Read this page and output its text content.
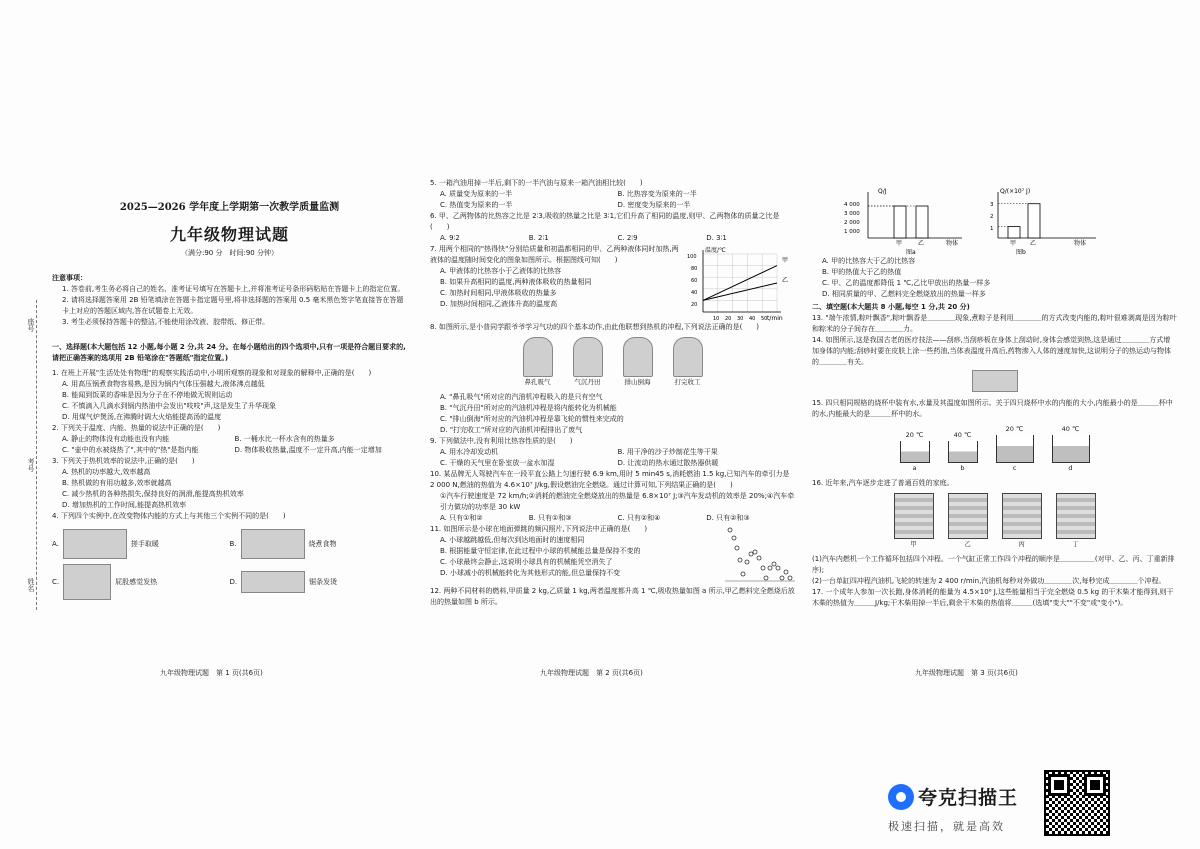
座号
考号
姓名
2025—2026 学年度上学期第一次教学质量监测
九年级物理试题
（满分:90 分　时间:90 分钟）

注意事项：

1. 答卷前,考生务必将自己的姓名、准考证号填写在答题卡上,并将准考证号条形码粘贴在答题卡上的指定位置。

2. 请将选择题答案用 2B 铅笔填涂在答题卡指定题号里,将非选择题的答案用 0.5 毫米黑色签字笔直接答在答题卡上对应的答题区域内,答在试题卷上无效。

3. 考生必须保持答题卡的整洁,不能使用涂改液、胶带纸、修正带。

一、选择题(本大题包括 12 小题,每小题 2 分,共 24 分。在每小题给出的四个选项中,只有一项是符合题目要求的,请把正确答案的选项用 2B 铅笔涂在"答题纸"指定位置。)

1. 在班上开展"生活处处有物理"的观察实践活动中,小明所观察的现象和对现象的解释中,正确的是(　　)

A. 用高压锅煮食物容易熟,是因为锅内气体压强越大,液体沸点越低

B. 能闻到饭菜的香味是因为分子在不停地做无规则运动

C. 不慎滴入几滴水到锅内热油中会发出"吱吱"声,这是发生了升华现象

D. 用煤气炉煲汤,在沸腾时调大火焰能提高汤的温度

2. 下列关于温度、内能、热量的说法中正确的是(　　)

A. 静止的物体没有动能也没有内能	B. 一桶水比一杯水含有的热量多
C. "壶中的水被烧热了",其中的"热"是指内能	D. 物体吸收热量,温度不一定升高,内能一定增加

3. 下列关于热机效率的说法中,正确的是(　　)

A. 热机的功率越大,效率越高

B. 热机做的有用功越多,效率就越高

C. 减少热机的各种热损失,保持良好的润滑,能提高热机效率

D. 增加热机的工作时间,能提高热机效率

4. 下列四个实例中,在改变物体内能的方式上与其他三个实例不同的是(　　)

A.	搓手取暖	B.	烧煮食物
C.	屁股感觉发热	D.	锯条发烫

5. 一箱汽油用掉一半后,剩下的一半汽油与原来一箱汽油相比较(　　)

A. 质量变为原来的一半	B. 比热容变为原来的一半
C. 热值变为原来的一半	D. 密度变为原来的一半

6. 甲、乙两物体的比热容之比是 2∶3,吸收的热量之比是 3∶1,它们升高了相同的温度,则甲、乙两物体的质量之比是(　　)

A. 9∶2	B. 2∶1	C. 2∶9	D. 3∶1

7. 用两个相同的"热得快"分别给质量和初温都相同的甲、乙两种液体同时加热,两液体的温度随时间变化的图象如图所示。根据图线可知(　　)

A. 甲液体的比热容小于乙液体的比热容

B. 如果升高相同的温度,两种液体吸收的热量相同

C. 加热时间相同,甲液体吸收的热量多

D. 加热时间相同,乙液体升高的温度高

温度/℃
t/min
甲
乙
100
80
60
40
20
10 20 30 40 50

8. 如图所示,是小普同学跟爷爷学习气功的四个基本动作,由此他联想到热机的冲程,下列说法正确的是(　　)

鼻孔吸气	气沉丹田	排山倒海	打完收工

A. "鼻孔吸气"所对应的汽油机冲程吸入的是只有空气

B. "气沉丹田"所对应的汽油机冲程是将内能转化为机械能

C. "排山倒海"所对应的汽油机冲程是靠飞轮的惯性来完成的

D. "打完收工"所对应的汽油机冲程排出了废气

9. 下列做法中,没有利用比热容性质的是(　　)

A. 用水冷却发动机	B. 用干净的沙子炒制花生等干果
C. 干燥的天气里在卧室放一盆水加湿	D. 让流动的热水通过散热器供暖

10. 某品牌无人驾驶汽车在一段平直公路上匀速行驶 6.9 km,用时 5 min45 s,消耗燃油 1.5 kg,已知汽车的牵引力是 2 000 N,燃油的热值为 4.6×10⁷ J/kg,假设燃油完全燃烧。通过计算可知,下列结果正确的是(　　)

①汽车行驶速度是 72 km/h;②消耗的燃油完全燃烧放出的热量是 6.8×10⁷ J;③汽车发动机的效率是 20%;④汽车牵引力做功的功率是 30 kW

A. 只有①和②	B. 只有①和③	C. 只有②和④	D. 只有②和③

11. 如图所示是小球在地面弹跳的频闪照片,下列说法中正确的是(　　)

A. 小球越跳越低,但每次到达地面时的速度相同

B. 根据能量守恒定律,在此过程中小球的机械能总量是保持不变的

C. 小球最终会静止,这说明小球具有的机械能凭空消失了

D. 小球减小的机械能转化为其他形式的能,但总量保持不变

12. 两种不同材料的燃料,甲质量 2 kg,乙质量 1 kg,两者温度都升高 1 ℃,吸收热量如图 a 所示,甲乙燃料完全燃烧后放出的热量如图 b 所示。

Q/J
4 000
3 000
2 000
1 000
甲	乙	物体
图a
Q/(×10⁷ J)
3
2
1
甲 乙	物体
图b

A. 甲的比热容大于乙的比热容

B. 甲的热值大于乙的热值

C. 甲、乙的温度都降低 1 ℃,乙比甲放出的热量一样多

D. 相同质量的甲、乙燃料完全燃烧放出的热量一样多

二、填空题(本大题共 8 小题,每空 1 分,共 20 分)

13. "端午浓情,粽叶飘香",粽叶飘香是＿＿＿＿现象,煮粽子是利用＿＿＿＿的方式改变内能的,粽叶很难剥离是因为粽叶和粽米的分子间存在＿＿＿＿力。

14. 如图所示,这是我国古老的医疗技法——刮痧,当刮痧板在身体上刮动时,身体会感觉到热,这是通过＿＿＿＿方式增加身体的内能;刮痧时要在皮肤上涂一些药油,当体表温度升高后,药物渗入人体的速度加快,这说明分子的热运动与物体的＿＿＿＿有关。

15. 四只相同规格的烧杯中装有水,水量及其温度如图所示。关于四只烧杯中水的内能的大小,内能最小的是＿＿＿杯中的水,内能最大的是＿＿＿杯中的水。

20 ℃
a
40 ℃
b
20 ℃
c
40 ℃
d

16. 近年来,汽车逐步走进了普通百姓的家庭。

甲	乙	丙	丁

(1)汽车内燃机一个工作循环包括四个冲程。一个气缸正常工作四个冲程的顺序是＿＿＿＿＿(对甲、乙、丙、丁重新排序);

(2)一台单缸四冲程汽油机,飞轮的转速为 2 400 r/min,汽油机每秒对外做功＿＿＿＿次,每秒完成＿＿＿＿个冲程。

17. 一个成年人参加一次长跑,身体消耗的能量为 4.5×10⁶ J,这些能量相当于完全燃烧 0.5 kg 的干木柴才能得到,则干木柴的热值为＿＿＿J/kg;干木柴用掉一半后,剩余干木柴的热值将＿＿＿(选填"变大""不变"或"变小")。

九年级物理试题　第 1 页(共6页)	九年级物理试题　第 2 页(共6页)	九年级物理试题　第 3 页(共6页)
夸克扫描王
极速扫描，就是高效
